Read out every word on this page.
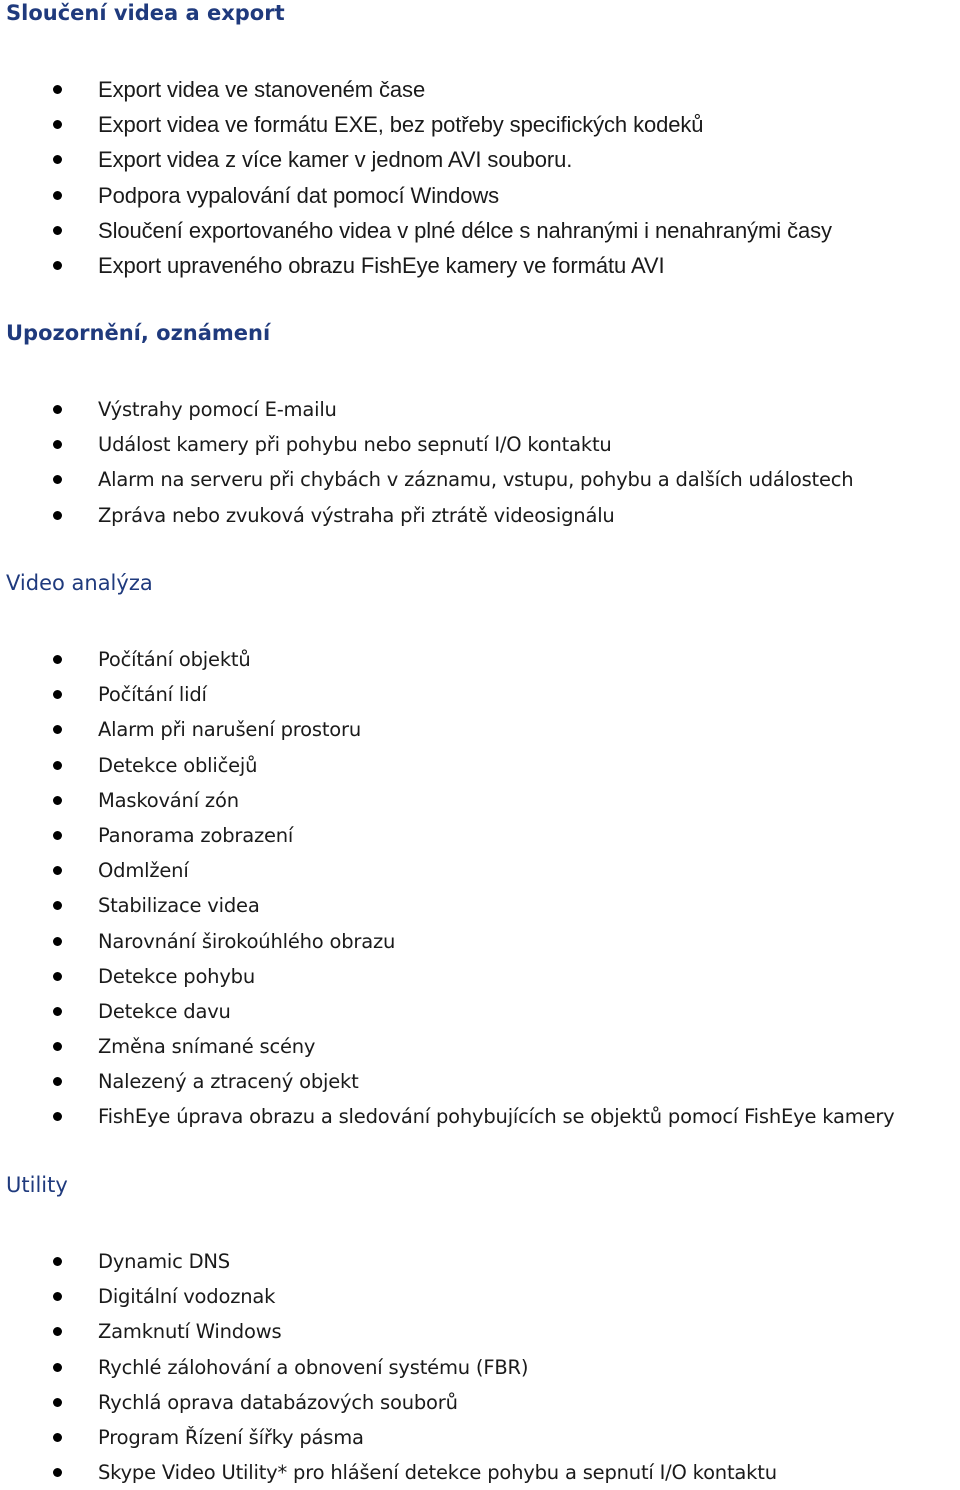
Sloučení videa a export
Export videa ve stanoveném čase
Export videa ve formátu EXE, bez potřeby specifických kodeků
Export videa z více kamer v jednom AVI souboru.
Podpora vypalování dat pomocí Windows
Sloučení exportovaného videa v plné délce s nahranými i nenahranými časy
Export upraveného obrazu FishEye kamery ve formátu AVI
Upozornění, oznámení
Výstrahy pomocí E-mailu
Událost kamery při pohybu nebo sepnutí I/O kontaktu
Alarm na serveru při chybách v záznamu, vstupu, pohybu a dalších událostech
Zpráva nebo zvuková výstraha při ztrátě videosignálu
Video analýza
Počítání objektů
Počítání lidí
Alarm při narušení prostoru
Detekce obličejů
Maskování zón
Panorama zobrazení
Odmlžení
Stabilizace videa
Narovnání širokoúhlého obrazu
Detekce pohybu
Detekce davu
Změna snímané scény
Nalezený a ztracený objekt
FishEye úprava obrazu a sledování pohybujících se objektů pomocí FishEye kamery
Utility
Dynamic DNS
Digitální vodoznak
Zamknutí Windows
Rychlé zálohování a obnovení systému (FBR)
Rychlá oprava databázových souborů
Program Řízení šířky pásma
Skype Video Utility* pro hlášení detekce pohybu a sepnutí I/O kontaktu
